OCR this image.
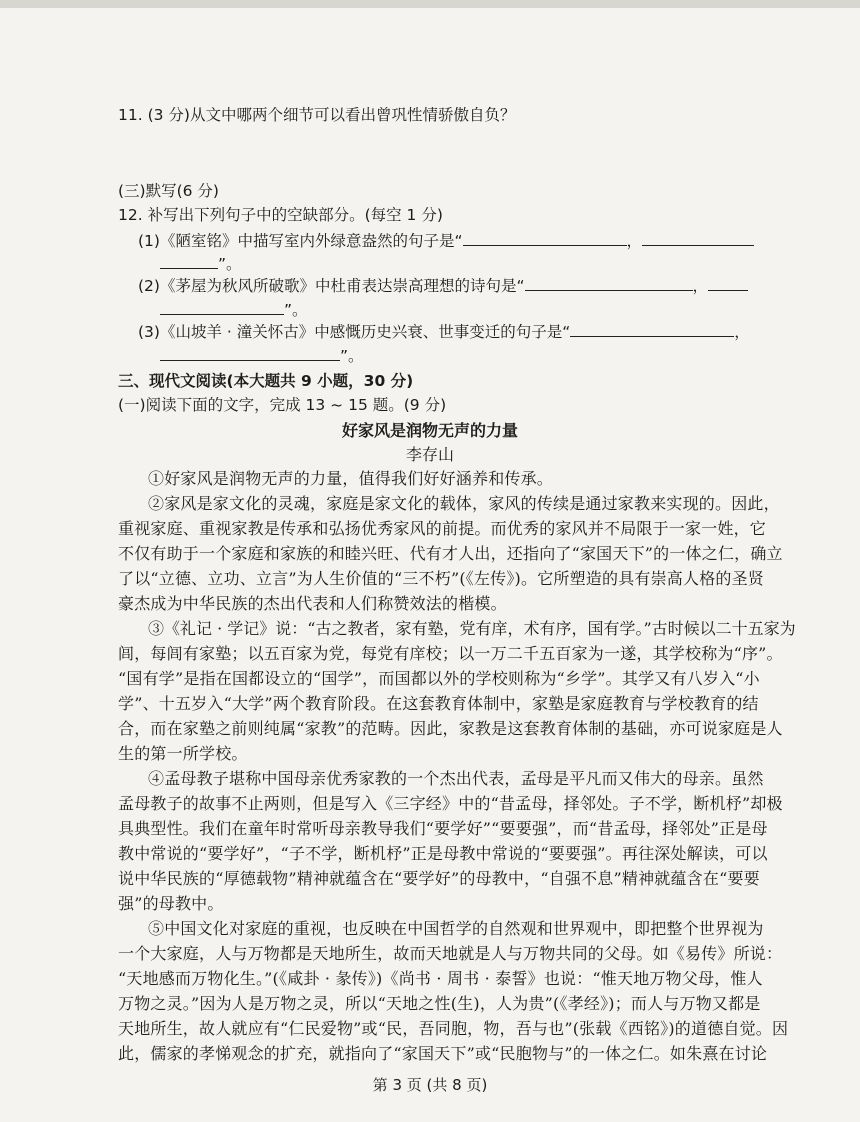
11. (3 分)从文中哪两个细节可以看出曾巩性情骄傲自负？
(三)默写(6 分)
12. 补写出下列句子中的空缺部分。(每空 1 分)
(1)《陋室铭》中描写室内外绿意盎然的句子是“	，
”。
(2)《茅屋为秋风所破歌》中杜甫表达崇高理想的诗句是“	，
”。
(3)《山坡羊 · 潼关怀古》中感慨历史兴衰、世事变迁的句子是“	，
”。
三、现代文阅读(本大题共 9 小题，30 分)
(一)阅读下面的文字，完成 13 ~ 15 题。(9 分)
好家风是润物无声的力量
李存山
①好家风是润物无声的力量，值得我们好好涵养和传承。
②家风是家文化的灵魂，家庭是家文化的载体，家风的传续是通过家教来实现的。因此，
重视家庭、重视家教是传承和弘扬优秀家风的前提。而优秀的家风并不局限于一家一姓，它
不仅有助于一个家庭和家族的和睦兴旺、代有才人出，还指向了“家国天下”的一体之仁，确立
了以“立德、立功、立言”为人生价值的“三不朽”(《左传》)。它所塑造的具有崇高人格的圣贤
豪杰成为中华民族的杰出代表和人们称赞效法的楷模。
③《礼记 · 学记》说：“古之教者，家有塾，党有庠，术有序，国有学。”古时候以二十五家为
闾，每闾有家塾；以五百家为党，每党有庠校；以一万二千五百家为一遂，其学校称为“序”。
“国有学”是指在国都设立的“国学”，而国都以外的学校则称为“乡学”。其学又有八岁入“小
学”、十五岁入“大学”两个教育阶段。在这套教育体制中，家塾是家庭教育与学校教育的结
合，而在家塾之前则纯属“家教”的范畴。因此，家教是这套教育体制的基础，亦可说家庭是人
生的第一所学校。
④孟母教子堪称中国母亲优秀家教的一个杰出代表，孟母是平凡而又伟大的母亲。虽然
孟母教子的故事不止两则，但是写入《三字经》中的“昔孟母，择邻处。子不学，断机杼”却极
具典型性。我们在童年时常听母亲教导我们“要学好”“要要强”，而“昔孟母，择邻处”正是母
教中常说的“要学好”，“子不学，断机杼”正是母教中常说的“要要强”。再往深处解读，可以
说中华民族的“厚德载物”精神就蕴含在“要学好”的母教中，“自强不息”精神就蕴含在“要要
强”的母教中。
⑤中国文化对家庭的重视，也反映在中国哲学的自然观和世界观中，即把整个世界视为
一个大家庭，人与万物都是天地所生，故而天地就是人与万物共同的父母。如《易传》所说：
“天地感而万物化生。”(《咸卦 · 彖传》)《尚书 · 周书 · 泰誓》也说：“惟天地万物父母，惟人
万物之灵。”因为人是万物之灵，所以“天地之性(生)，人为贵”(《孝经》)；而人与万物又都是
天地所生，故人就应有“仁民爱物”或“民，吾同胞，物，吾与也”(张载《西铭》)的道德自觉。因
此，儒家的孝悌观念的扩充，就指向了“家国天下”或“民胞物与”的一体之仁。如朱熹在讨论
第 3 页 (共 8 页)
